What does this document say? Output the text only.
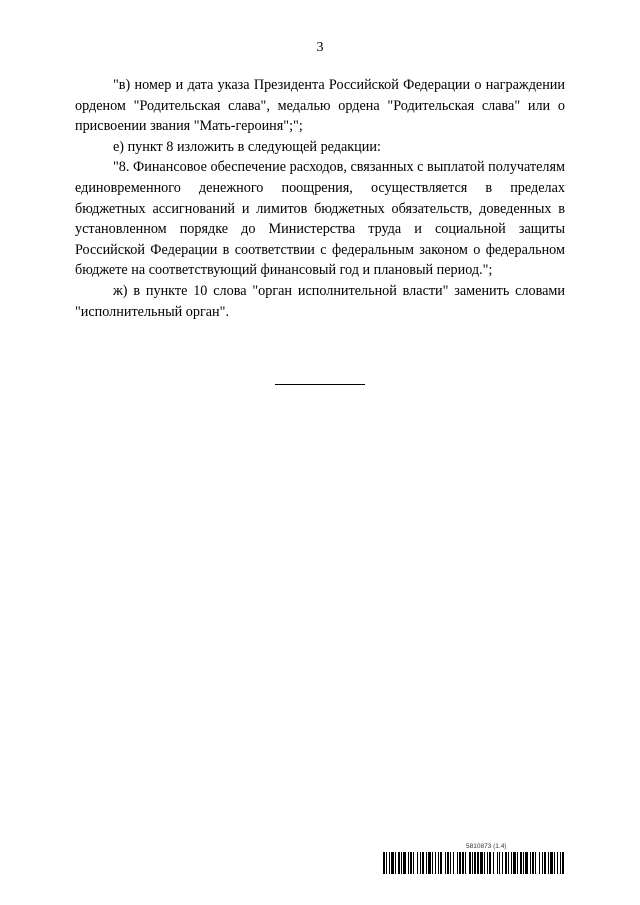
3

"в) номер и дата указа Президента Российской Федерации о награждении орденом "Родительская слава", медалью ордена "Родительская слава" или о присвоении звания "Мать-героиня";";

е) пункт 8 изложить в следующей редакции:

"8. Финансовое обеспечение расходов, связанных с выплатой получателям единовременного денежного поощрения, осуществляется в пределах бюджетных ассигнований и лимитов бюджетных обязательств, доведенных в установленном порядке до Министерства труда и социальной защиты Российской Федерации в соответствии с федеральным законом о федеральном бюджете на соответствующий финансовый год и плановый период.";

ж) в пункте 10 слова "орган исполнительной власти" заменить словами "исполнительный орган".

5810873 (1.4)
